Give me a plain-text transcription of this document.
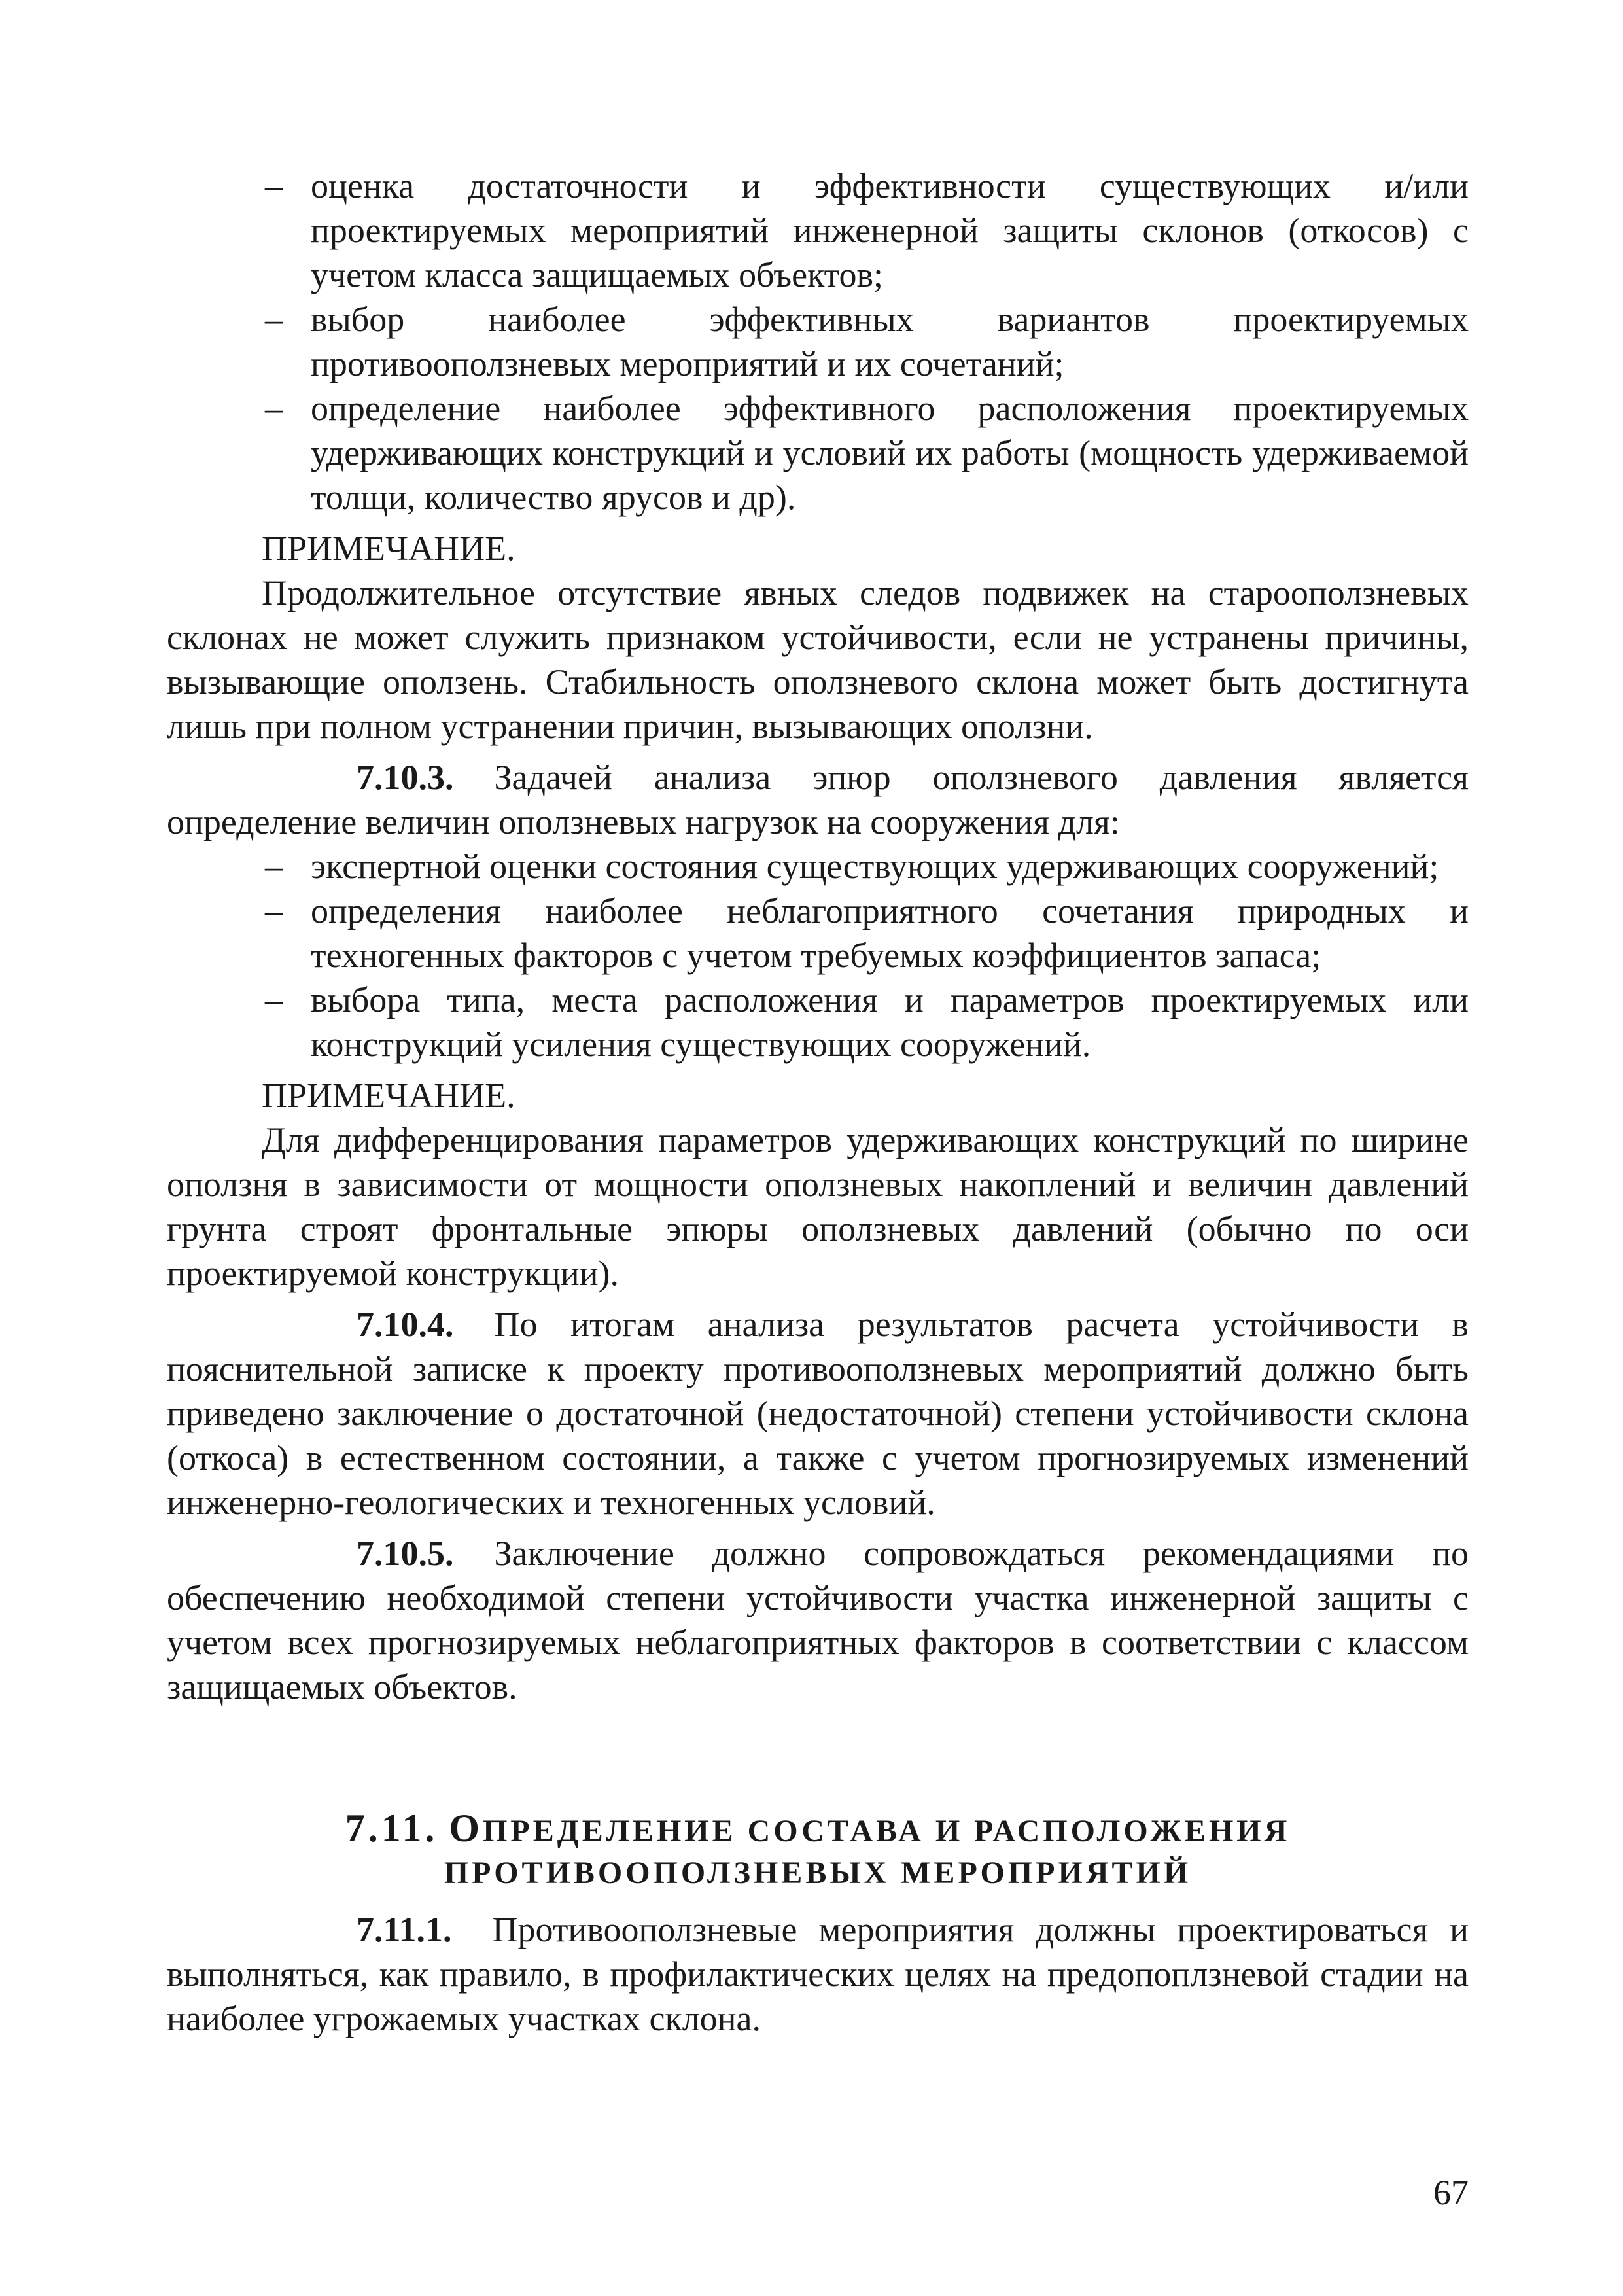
– оценка достаточности и эффективности существующих и/или проектируемых мероприятий инженерной защиты склонов (откосов) с учетом класса защищаемых объектов;
– выбор наиболее эффективных вариантов проектируемых противооползневых мероприятий и их сочетаний;
– определение наиболее эффективного расположения проектируемых удерживающих конструкций и условий их работы (мощность удерживаемой толщи, количество ярусов и др).

ПРИМЕЧАНИЕ.

Продолжительное отсутствие явных следов подвижек на старооползневых склонах не может служить признаком устойчивости, если не устранены причины, вызывающие оползень. Стабильность оползневого склона может быть достигнута лишь при полном устранении причин, вызывающих оползни.

7.10.3. Задачей анализа эпюр оползневого давления является определение величин оползневых нагрузок на сооружения для:

– экспертной оценки состояния существующих удерживающих сооружений;
– определения наиболее неблагоприятного сочетания природных и техногенных факторов с учетом требуемых коэффициентов запаса;
– выбора типа, места расположения и параметров проектируемых или конструкций усиления существующих сооружений.

ПРИМЕЧАНИЕ.

Для дифференцирования параметров удерживающих конструкций по ширине оползня в зависимости от мощности оползневых накоплений и величин давлений грунта строят фронтальные эпюры оползневых давлений (обычно по оси проектируемой конструкции).

7.10.4. По итогам анализа результатов расчета устойчивости в пояснительной записке к проекту противооползневых мероприятий должно быть приведено заключение о достаточной (недостаточной) степени устойчивости склона (откоса) в естественном состоянии, а также с учетом прогнозируемых изменений инженерно-геологических и техногенных условий.

7.10.5. Заключение должно сопровождаться рекомендациями по обеспечению необходимой степени устойчивости участка инженерной защиты с учетом всех прогнозируемых неблагоприятных факторов в соответствии с классом защищаемых объектов.

7.11. ОПРЕДЕЛЕНИЕ СОСТАВА И РАСПОЛОЖЕНИЯ
ПРОТИВООПОЛЗНЕВЫХ МЕРОПРИЯТИЙ

7.11.1. Противооползневые мероприятия должны проектироваться и выполняться, как правило, в профилактических целях на предопоплзневой стадии на наиболее угрожаемых участках склона.

67
